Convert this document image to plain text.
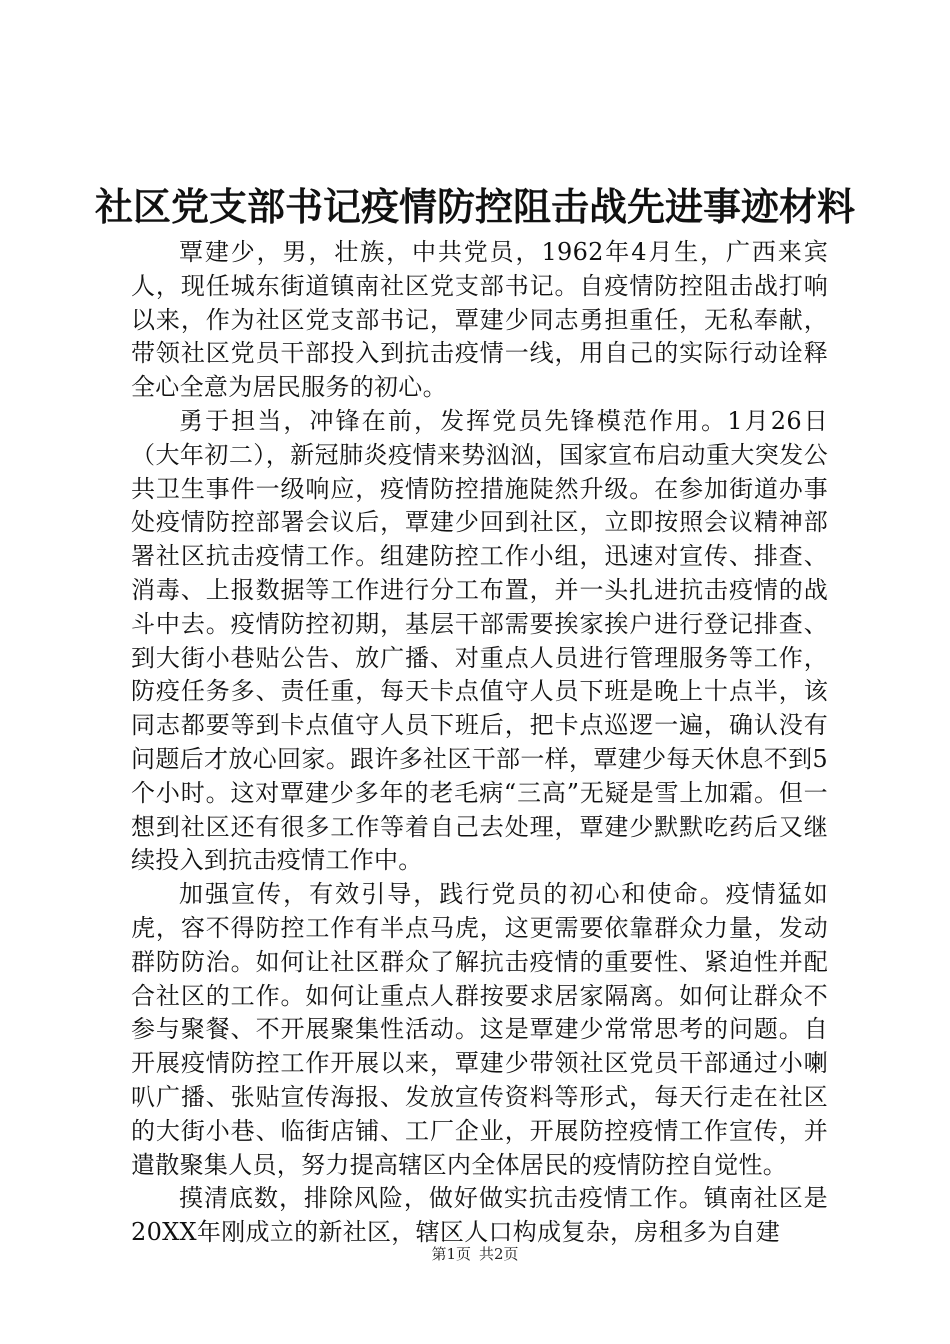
社区党支部书记疫情防控阻击战先进事迹材料

覃建少，男，壮族，中共党员，1962年4月生，广西来宾人，现任城东街道镇南社区党支部书记。自疫情防控阻击战打响以来，作为社区党支部书记，覃建少同志勇担重任，无私奉献，带领社区党员干部投入到抗击疫情一线，用自己的实际行动诠释全心全意为居民服务的初心。

勇于担当，冲锋在前，发挥党员先锋模范作用。1月26日（大年初二），新冠肺炎疫情来势汹汹，国家宣布启动重大突发公共卫生事件一级响应，疫情防控措施陡然升级。在参加街道办事处疫情防控部署会议后，覃建少回到社区，立即按照会议精神部署社区抗击疫情工作。组建防控工作小组，迅速对宣传、排查、消毒、上报数据等工作进行分工布置，并一头扎进抗击疫情的战斗中去。疫情防控初期，基层干部需要挨家挨户进行登记排查、到大街小巷贴公告、放广播、对重点人员进行管理服务等工作，防疫任务多、责任重，每天卡点值守人员下班是晚上十点半，该同志都要等到卡点值守人员下班后，把卡点巡逻一遍，确认没有问题后才放心回家。跟许多社区干部一样，覃建少每天休息不到5个小时。这对覃建少多年的老毛病“三高”无疑是雪上加霜。但一想到社区还有很多工作等着自己去处理，覃建少默默吃药后又继续投入到抗击疫情工作中。

加强宣传，有效引导，践行党员的初心和使命。疫情猛如虎，容不得防控工作有半点马虎，这更需要依靠群众力量，发动群防防治。如何让社区群众了解抗击疫情的重要性、紧迫性并配合社区的工作。如何让重点人群按要求居家隔离。如何让群众不参与聚餐、不开展聚集性活动。这是覃建少常常思考的问题。自开展疫情防控工作开展以来，覃建少带领社区党员干部通过小喇叭广播、张贴宣传海报、发放宣传资料等形式，每天行走在社区的大街小巷、临街店铺、工厂企业，开展防控疫情工作宣传，并遣散聚集人员，努力提高辖区内全体居民的疫情防控自觉性。

摸清底数，排除风险，做好做实抗击疫情工作。镇南社区是20XX年刚成立的新社区，辖区人口构成复杂，房租多为自建

第1页 共2页
